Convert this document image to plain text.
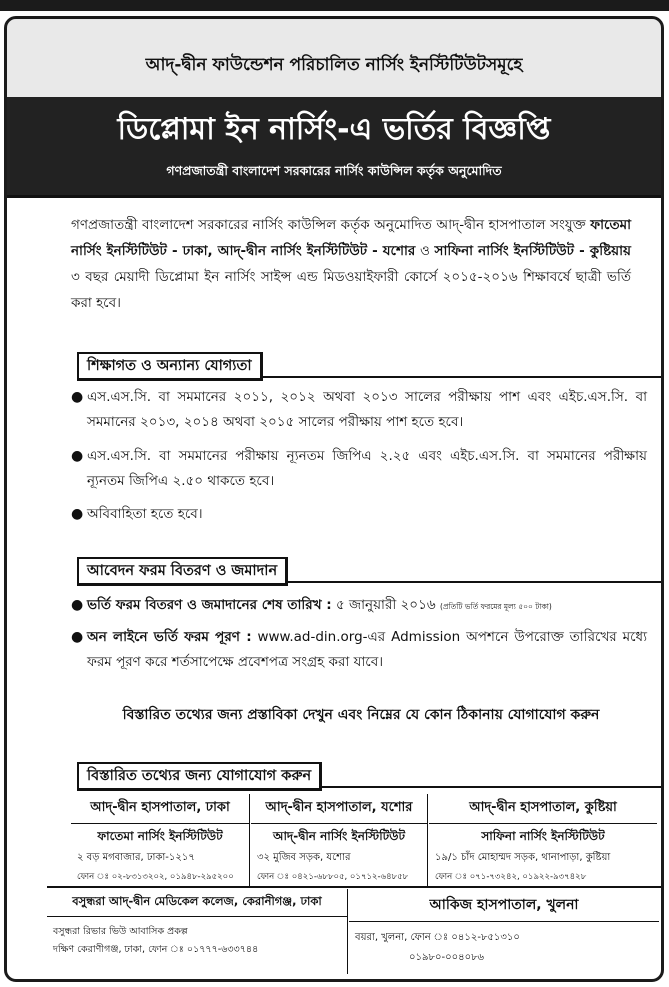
আদ্-দ্বীন ফাউন্ডেশন পরিচালিত নার্সিং ইনস্টিটিউটসমূহে
ডিপ্লোমা ইন নার্সিং-এ ভর্তির বিজ্ঞপ্তি
গণপ্রজাতন্ত্রী বাংলাদেশ সরকারের নার্সিং কাউন্সিল কর্তৃক অনুমোদিত
গণপ্রজাতন্ত্রী বাংলাদেশ সরকারের নার্সিং কাউন্সিল কর্তৃক অনুমোদিত আদ্-দ্বীন হাসপাতাল সংযুক্ত ফাতেমা নার্সিং ইনস্টিটিউট - ঢাকা, আদ্-দ্বীন নার্সিং ইনস্টিটিউট - যশোর ও সাফিনা নার্সিং ইনস্টিটিউট - কুষ্টিয়ায় ৩ বছর মেয়াদী ডিপ্লোমা ইন নার্সিং সাইন্স এন্ড মিডওয়াইফারী কোর্সে ২০১৫-২০১৬ শিক্ষাবর্ষে ছাত্রী ভর্তি করা হবে।
শিক্ষাগত ও অন্যান্য যোগ্যতা
● এস.এস.সি. বা সমমানের ২০১১, ২০১২ অথবা ২০১৩ সালের পরীক্ষায় পাশ এবং এইচ.এস.সি. বা সমমানের ২০১৩, ২০১৪ অথবা ২০১৫ সালের পরীক্ষায় পাশ হতে হবে।
● এস.এস.সি. বা সমমানের পরীক্ষায় ন্যূনতম জিপিএ ২.২৫ এবং এইচ.এস.সি. বা সমমানের পরীক্ষায় ন্যূনতম জিপিএ ২.৫০ থাকতে হবে।
● অবিবাহিতা হতে হবে।
আবেদন ফরম বিতরণ ও জমাদান
● ভর্তি ফরম বিতরণ ও জমাদানের শেষ তারিখ : ৫ জানুয়ারী ২০১৬ (প্রতিটি ভর্তি ফরমের মূল্য ৫০০ টাকা)
● অন লাইনে ভর্তি ফরম পূরণ : www.ad-din.org-এর Admission অপশনে উপরোক্ত তারিখের মধ্যে ফরম পূরণ করে শর্তসাপেক্ষে প্রবেশপত্র সংগ্রহ করা যাবে।
বিস্তারিত তথ্যের জন্য প্রস্তাবিকা দেখুন এবং নিম্নের যে কোন ঠিকানায় যোগাযোগ করুন
বিস্তারিত তথ্যের জন্য যোগাযোগ করুন
আদ্-দ্বীন হাসপাতাল, ঢাকা
ফাতেমা নার্সিং ইনস্টিটিউট
২ বড় মগবাজার, ঢাকা-১২১৭
ফোন ঃ ০২-৮৩১৩২০২, ০১৯৪৮-২৯৫২০০
আদ্-দ্বীন হাসপাতাল, যশোর
আদ্-দ্বীন নার্সিং ইনস্টিটিউট
৩২ মুজিব সড়ক, যশোর
ফোন ঃ ০৪২১-৬৮৮০৫, ০১৭১২-৬৪৮৫৮
আদ্-দ্বীন হাসপাতাল, কুষ্টিয়া
সাফিনা নার্সিং ইনস্টিটিউট
১৯/১ চাঁদ মোহাম্মদ সড়ক, থানাপাড়া, কুষ্টিয়া
ফোন ঃ ০৭১-৭৩২৪২, ০১৯২২-৯৩৭৪২৮
বসুন্ধরা আদ্-দ্বীন মেডিকেল কলেজ, কেরানীগঞ্জ, ঢাকা
বসুন্ধরা রিভার ভিউ আবাসিক প্রকল্প
দক্ষিণ কেরাণীগঞ্জ, ঢাকা, ফোন ঃ ০১৭৭৭-৬৩৩৭৪৪
আকিজ হাসপাতাল, খুলনা
বয়রা, খুলনা, ফোন ঃ ০৪১২-৮৫১৩১০
০১৯৮০-০০৪০৮৬
